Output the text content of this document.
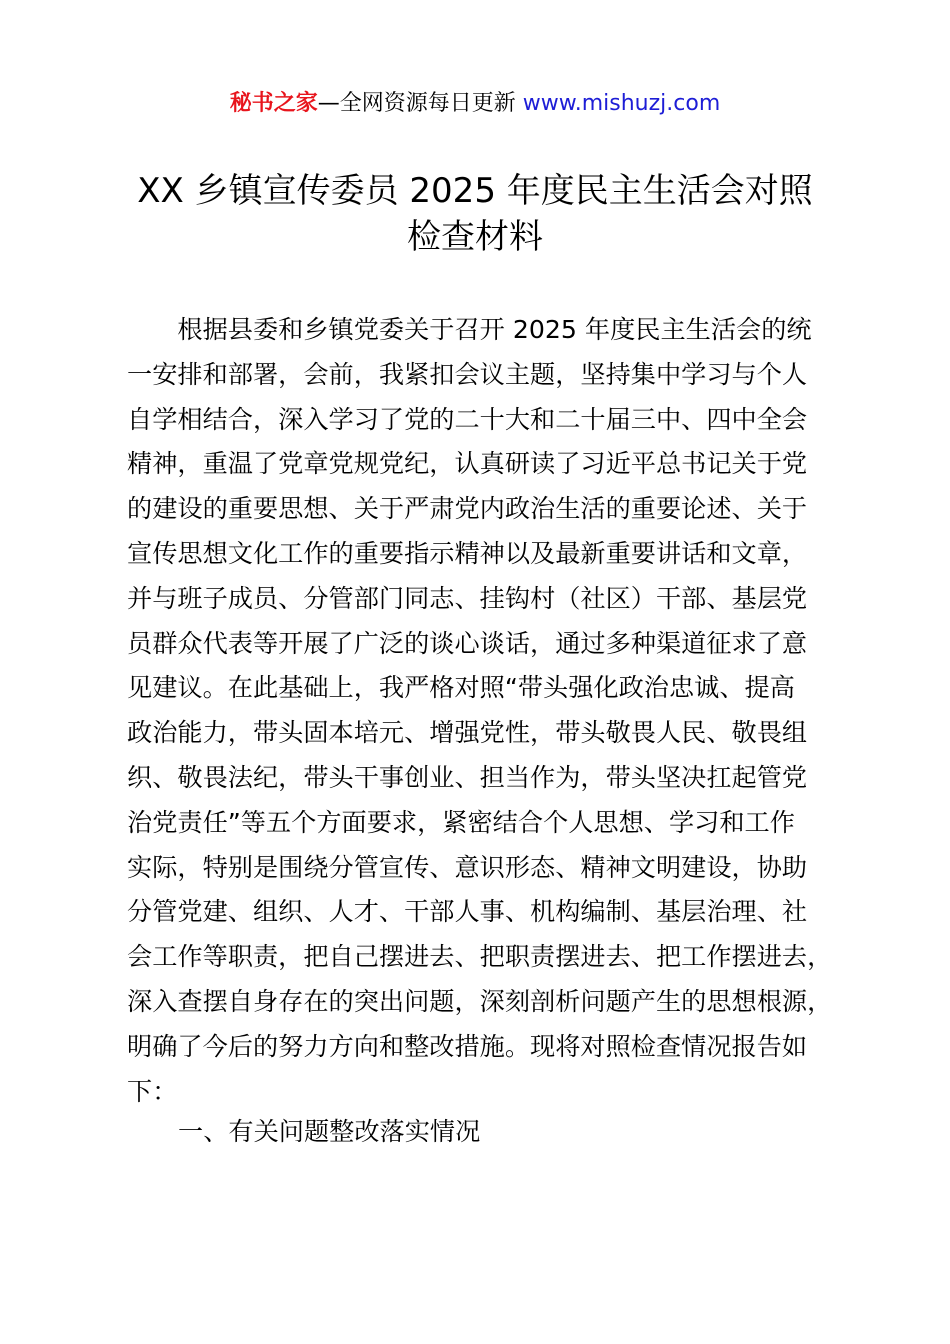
秘书之家—全网资源每日更新 www.mishuzj.com
XX 乡镇宣传委员 2025 年度民主生活会对照
检查材料
　　根据县委和乡镇党委关于召开 2025 年度民主生活会的统
一安排和部署，会前，我紧扣会议主题，坚持集中学习与个人
自学相结合，深入学习了党的二十大和二十届三中、四中全会
精神，重温了党章党规党纪，认真研读了习近平总书记关于党
的建设的重要思想、关于严肃党内政治生活的重要论述、关于
宣传思想文化工作的重要指示精神以及最新重要讲话和文章，
并与班子成员、分管部门同志、挂钩村（社区）干部、基层党
员群众代表等开展了广泛的谈心谈话，通过多种渠道征求了意
见建议。在此基础上，我严格对照“带头强化政治忠诚、提高
政治能力，带头固本培元、增强党性，带头敬畏人民、敬畏组
织、敬畏法纪，带头干事创业、担当作为，带头坚决扛起管党
治党责任”等五个方面要求，紧密结合个人思想、学习和工作
实际，特别是围绕分管宣传、意识形态、精神文明建设，协助
分管党建、组织、人才、干部人事、机构编制、基层治理、社
会工作等职责，把自己摆进去、把职责摆进去、把工作摆进去，
深入查摆自身存在的突出问题，深刻剖析问题产生的思想根源，
明确了今后的努力方向和整改措施。现将对照检查情况报告如
下：
一、有关问题整改落实情况
